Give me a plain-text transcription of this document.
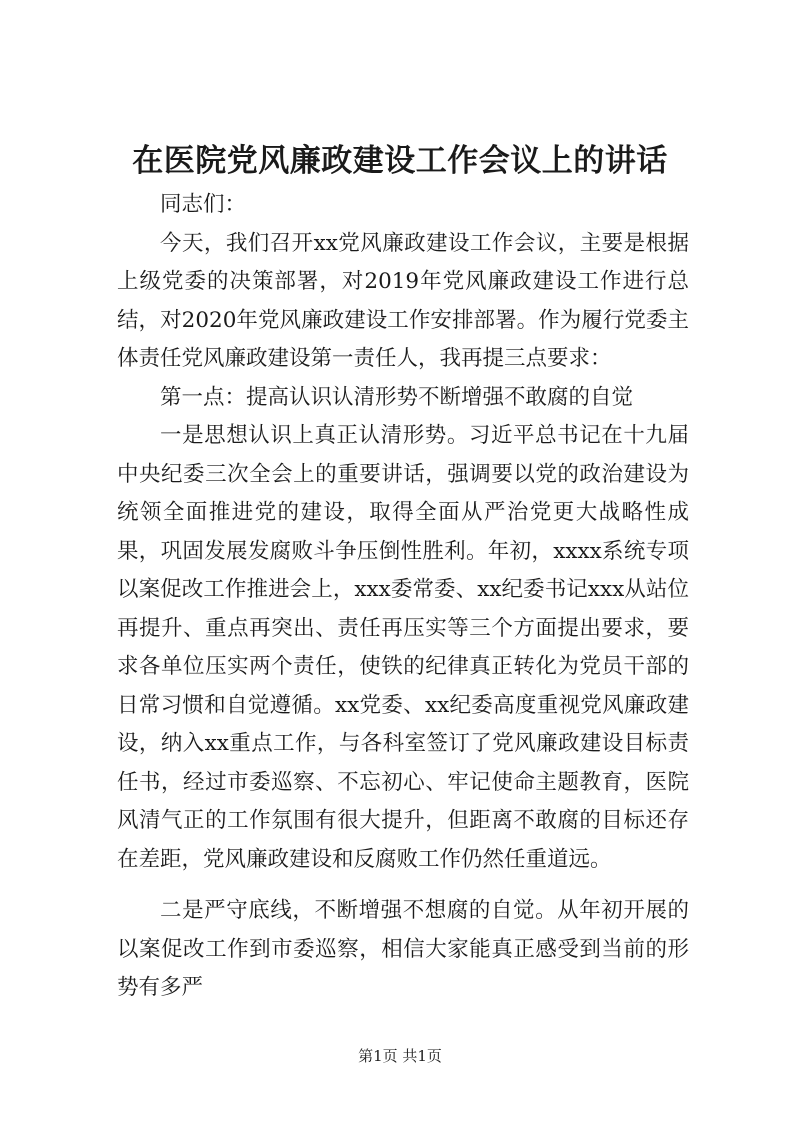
在医院党风廉政建设工作会议上的讲话

同志们：

今天，我们召开xx党风廉政建设工作会议，主要是根据上级党委的决策部署，对2019年党风廉政建设工作进行总结，对2020年党风廉政建设工作安排部署。作为履行党委主体责任党风廉政建设第一责任人，我再提三点要求：

第一点：提高认识认清形势不断增强不敢腐的自觉

一是思想认识上真正认清形势。习近平总书记在十九届中央纪委三次全会上的重要讲话，强调要以党的政治建设为统领全面推进党的建设，取得全面从严治党更大战略性成果，巩固发展发腐败斗争压倒性胜利。年初，xxxx系统专项以案促改工作推进会上，xxx委常委、xx纪委书记xxx从站位再提升、重点再突出、责任再压实等三个方面提出要求，要求各单位压实两个责任，使铁的纪律真正转化为党员干部的日常习惯和自觉遵循。xx党委、xx纪委高度重视党风廉政建设，纳入xx重点工作，与各科室签订了党风廉政建设目标责任书，经过市委巡察、不忘初心、牢记使命主题教育，医院风清气正的工作氛围有很大提升，但距离不敢腐的目标还存在差距，党风廉政建设和反腐败工作仍然任重道远。

二是严守底线，不断增强不想腐的自觉。从年初开展的以案促改工作到市委巡察，相信大家能真正感受到当前的形势有多严

第1页 共1页
